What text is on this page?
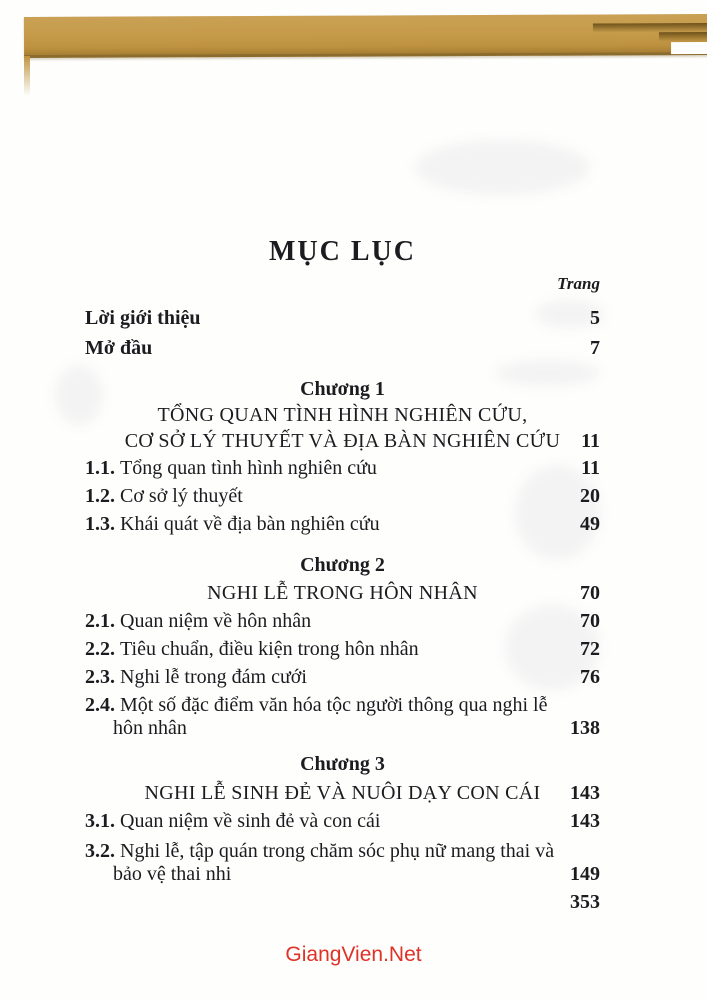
MỤC LỤC
Trang
Lời giới thiệu	5
Mở đầu	7
Chương 1
TỔNG QUAN TÌNH HÌNH NGHIÊN CỨU,
CƠ SỞ LÝ THUYẾT VÀ ĐỊA BÀN NGHIÊN CỨU	11
1.1. Tổng quan tình hình nghiên cứu	11
1.2. Cơ sở lý thuyết	20
1.3. Khái quát về địa bàn nghiên cứu	49
Chương 2
NGHI LỄ TRONG HÔN NHÂN	70
2.1. Quan niệm về hôn nhân	70
2.2. Tiêu chuẩn, điều kiện trong hôn nhân	72
2.3. Nghi lễ trong đám cưới	76
2.4. Một số đặc điểm văn hóa tộc người thông qua nghi lễ
hôn nhân	138
Chương 3
NGHI LỄ SINH ĐẺ VÀ NUÔI DẠY CON CÁI	143
3.1. Quan niệm về sinh đẻ và con cái	143
3.2. Nghi lễ, tập quán trong chăm sóc phụ nữ mang thai và
bảo vệ thai nhi	149
353
GiangVien.Net
